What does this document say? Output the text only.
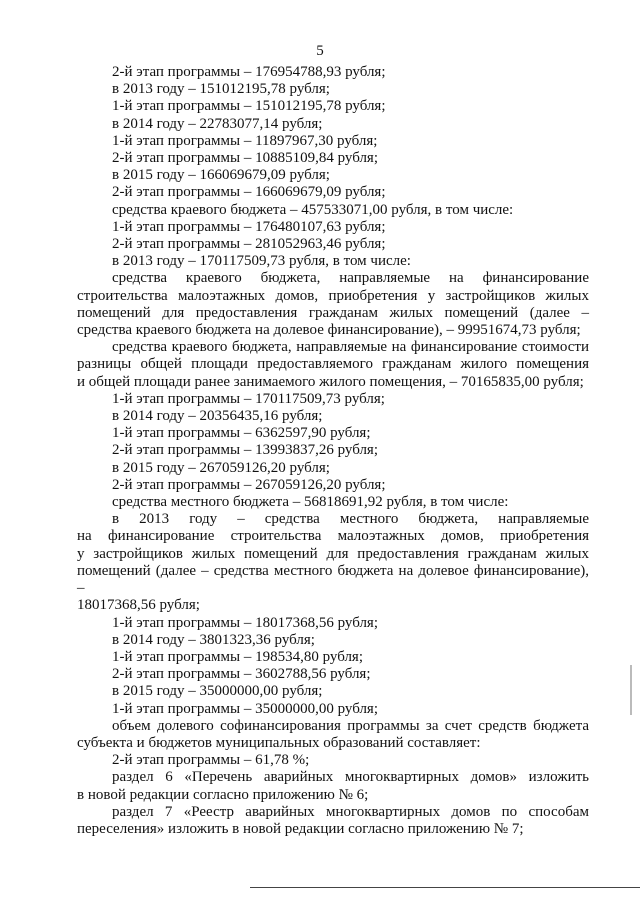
5

2-й этап программы – 176954788,93 рубля;

в 2013 году – 151012195,78 рубля;

1-й этап программы – 151012195,78 рубля;

в 2014 году – 22783077,14 рубля;

1-й этап программы – 11897967,30 рубля;

2-й этап программы – 10885109,84 рубля;

в 2015 году – 166069679,09 рубля;

2-й этап программы – 166069679,09 рубля;

средства краевого бюджета – 457533071,00 рубля, в том числе:

1-й этап программы – 176480107,63 рубля;

2-й этап программы – 281052963,46 рубля;

в 2013 году – 170117509,73 рубля, в том числе:

средства краевого бюджета, направляемые на финансирование

строительства малоэтажных домов, приобретения у застройщиков жилых

помещений для предоставления гражданам жилых помещений (далее –

средства краевого бюджета на долевое финансирование), – 99951674,73 рубля;

средства краевого бюджета, направляемые на финансирование стоимости

разницы общей площади предоставляемого гражданам жилого помещения

и общей площади ранее занимаемого жилого помещения, – 70165835,00 рубля;

1-й этап программы – 170117509,73 рубля;

в 2014 году – 20356435,16 рубля;

1-й этап программы – 6362597,90 рубля;

2-й этап программы – 13993837,26 рубля;

в 2015 году – 267059126,20 рубля;

2-й этап программы – 267059126,20 рубля;

средства местного бюджета – 56818691,92 рубля, в том числе:

в 2013 году – средства местного бюджета, направляемые

на финансирование строительства малоэтажных домов, приобретения

у застройщиков жилых помещений для предоставления гражданам жилых

помещений (далее – средства местного бюджета на долевое финансирование), –

18017368,56 рубля;

1-й этап программы – 18017368,56 рубля;

в 2014 году – 3801323,36 рубля;

1-й этап программы – 198534,80 рубля;

2-й этап программы – 3602788,56 рубля;

в 2015 году – 35000000,00 рубля;

1-й этап программы – 35000000,00 рубля;

объем долевого софинансирования программы за счет средств бюджета

субъекта и бюджетов муниципальных образований составляет:

2-й этап программы – 61,78 %;

раздел 6 «Перечень аварийных многоквартирных домов» изложить

в новой редакции согласно приложению № 6;

раздел 7 «Реестр аварийных многоквартирных домов по способам

переселения» изложить в новой редакции согласно приложению № 7;
